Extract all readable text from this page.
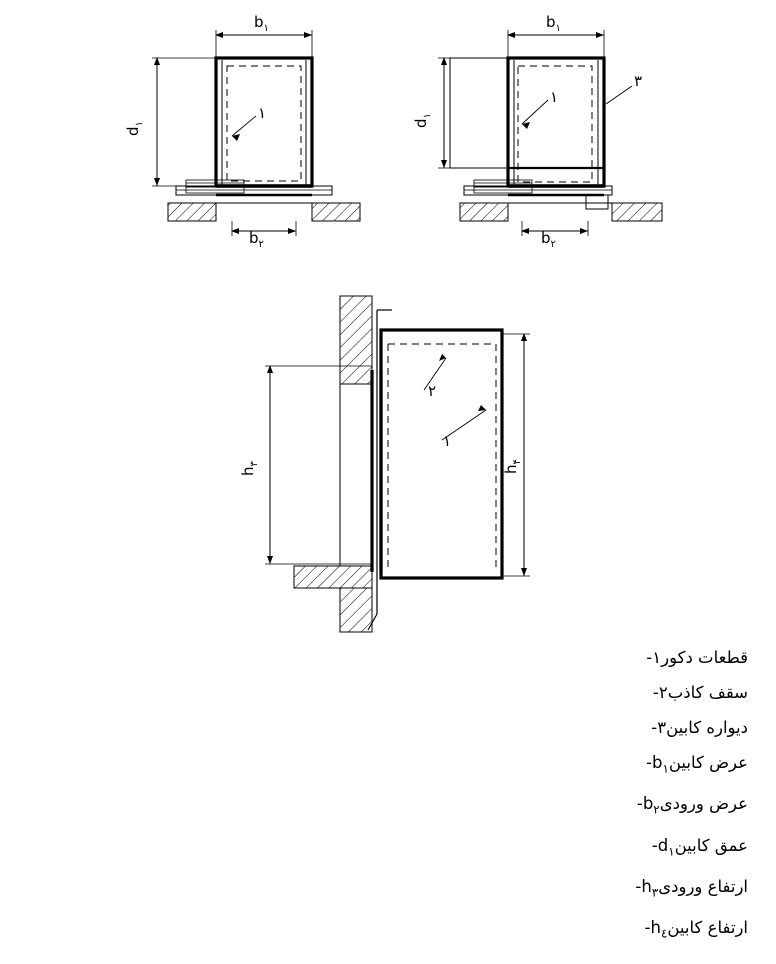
$b_۱$
$b_۲$
$d_۱$
۱
$b_۱$
$b_۲$
$d_۱$
۱
۳
$h_۳$
$h_۴$
۲
۱
قطعات دکور١-
سقف کاذب٢-
دیواره کابین٣-
عرض کابینb$_١$-
عرض ورودیb$_٢$-
عمق کابینd$_١$-
ارتفاع ورودیh$_٣$-
ارتفاع کابینh$_٤$-
